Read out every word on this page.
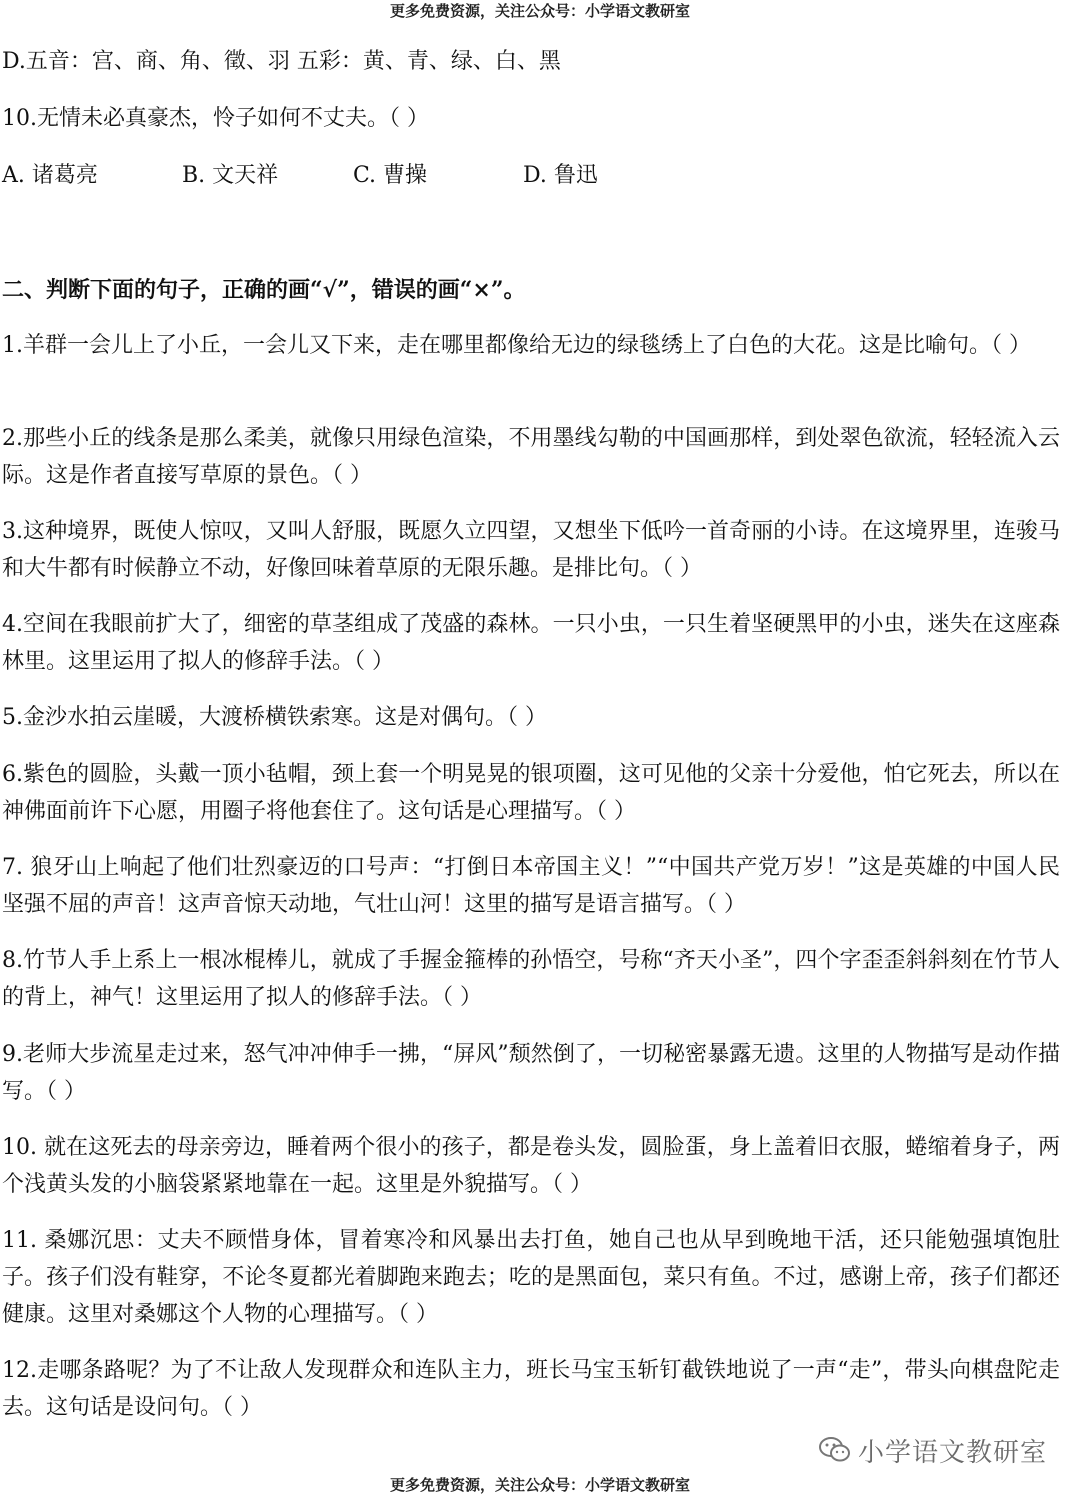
更多免费资源，关注公众号：小学语文教研室
D.五音：宫、商、角、徵、羽 五彩：黄、青、绿、白、黑
10.无情未必真豪杰，怜子如何不丈夫。（ ）
A. 诸葛亮	B. 文天祥	C. 曹操	D. 鲁迅
二、判断下面的句子，正确的画“√”，错误的画“×”。
1.羊群一会儿上了小丘，一会儿又下来，走在哪里都像给无边的绿毯绣上了白色的大花。这是比喻句。（ ）
2.那些小丘的线条是那么柔美，就像只用绿色渲染，不用墨线勾勒的中国画那样，到处翠色欲流，轻轻流入云际。这是作者直接写草原的景色。（ ）
3.这种境界，既使人惊叹，又叫人舒服，既愿久立四望，又想坐下低吟一首奇丽的小诗。在这境界里，连骏马和大牛都有时候静立不动，好像回味着草原的无限乐趣。是排比句。（ ）
4.空间在我眼前扩大了，细密的草茎组成了茂盛的森林。一只小虫，一只生着坚硬黑甲的小虫，迷失在这座森林里。这里运用了拟人的修辞手法。（ ）
5.金沙水拍云崖暖，大渡桥横铁索寒。这是对偶句。（ ）
6.紫色的圆脸，头戴一顶小毡帽，颈上套一个明晃晃的银项圈，这可见他的父亲十分爱他，怕它死去，所以在神佛面前许下心愿，用圈子将他套住了。这句话是心理描写。（ ）
7. 狼牙山上响起了他们壮烈豪迈的口号声：“打倒日本帝国主义！”“中国共产党万岁！”这是英雄的中国人民坚强不屈的声音！这声音惊天动地，气壮山河！这里的描写是语言描写。（ ）
8.竹节人手上系上一根冰棍棒儿，就成了手握金箍棒的孙悟空，号称“齐天小圣”，四个字歪歪斜斜刻在竹节人的背上，神气！这里运用了拟人的修辞手法。（ ）
9.老师大步流星走过来，怒气冲冲伸手一拂，“屏风”颓然倒了，一切秘密暴露无遗。这里的人物描写是动作描写。（ ）
10. 就在这死去的母亲旁边，睡着两个很小的孩子，都是卷头发，圆脸蛋，身上盖着旧衣服，蜷缩着身子，两个浅黄头发的小脑袋紧紧地靠在一起。这里是外貌描写。（ ）
11. 桑娜沉思：丈夫不顾惜身体，冒着寒冷和风暴出去打鱼，她自己也从早到晚地干活，还只能勉强填饱肚子。孩子们没有鞋穿，不论冬夏都光着脚跑来跑去；吃的是黑面包，菜只有鱼。不过，感谢上帝，孩子们都还健康。这里对桑娜这个人物的心理描写。（ ）
12.走哪条路呢？为了不让敌人发现群众和连队主力，班长马宝玉斩钉截铁地说了一声“走”，带头向棋盘陀走去。这句话是设问句。（ ）
小学语文教研室
更多免费资源，关注公众号：小学语文教研室
